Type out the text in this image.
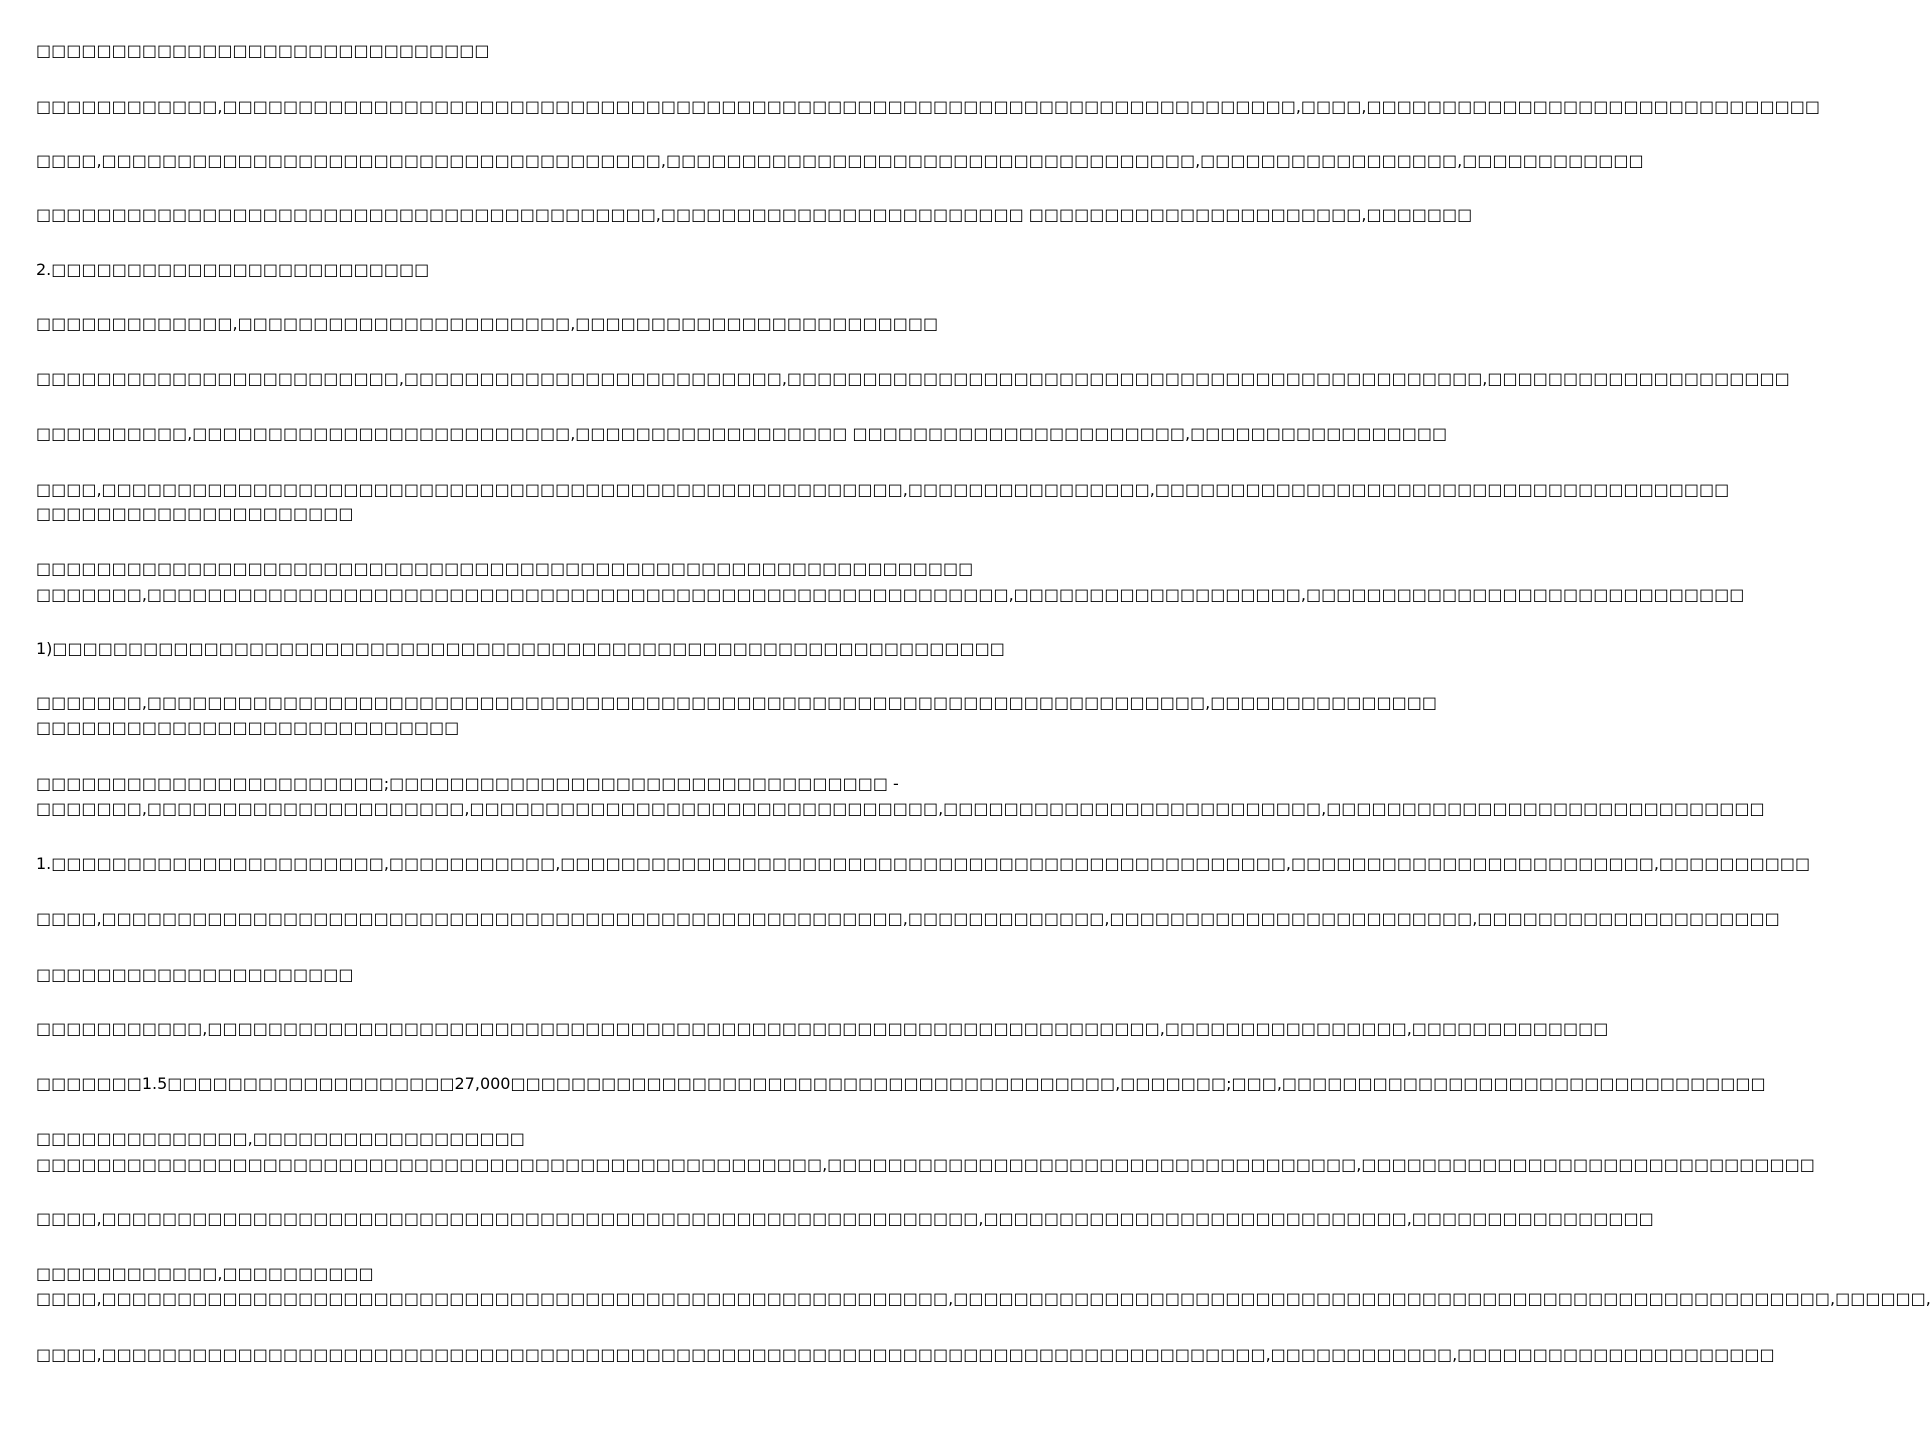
□□□□□□□□□□□□□□□□□□□□□□□□□□□□□□
□□□□□□□□□□□□,□□□□□□□□□□□□□□□□□□□□□□□□□□□□□□□□□□□□□□□□□□□□□□□□□□□□□□□□□□□□□□□□□□□□□□□,□□□□,□□□□□□□□□□□□□□□□□□□□□□□□□□□□□□
□□□□,□□□□□□□□□□□□□□□□□□□□□□□□□□□□□□□□□□□□□,□□□□□□□□□□□□□□□□□□□□□□□□□□□□□□□□□□□,□□□□□□□□□□□□□□□□□,□□□□□□□□□□□□
□□□□□□□□□□□□□□□□□□□□□□□□□□□□□□□□□□□□□□□□□,□□□□□□□□□□□□□□□□□□□□□□□□ □□□□□□□□□□□□□□□□□□□□□□,□□□□□□□
2.□□□□□□□□□□□□□□□□□□□□□□□□□
□□□□□□□□□□□□□,□□□□□□□□□□□□□□□□□□□□□□,□□□□□□□□□□□□□□□□□□□□□□□□
□□□□□□□□□□□□□□□□□□□□□□□□,□□□□□□□□□□□□□□□□□□□□□□□□□,□□□□□□□□□□□□□□□□□□□□□□□□□□□□□□□□□□□□□□□□□□□□□□,□□□□□□□□□□□□□□□□□□□□
□□□□□□□□□□,□□□□□□□□□□□□□□□□□□□□□□□□□,□□□□□□□□□□□□□□□□□□ □□□□□□□□□□□□□□□□□□□□□□,□□□□□□□□□□□□□□□□□
□□□□,□□□□□□□□□□□□□□□□□□□□□□□□□□□□□□□□□□□□□□□□□□□□□□□□□□□□□,□□□□□□□□□□□□□□□□,□□□□□□□□□□□□□□□□□□□□□□□□□□□□□□□□□□□□□□
□□□□□□□□□□□□□□□□□□□□□
□□□□□□□□□□□□□□□□□□□□□□□□□□□□□□□□□□□□□□□□□□□□□□□□□□□□□□□□□□□□□□
□□□□□□□,□□□□□□□□□□□□□□□□□□□□□□□□□□□□□□□□□□□□□□□□□□□□□□□□□□□□□□□□□,□□□□□□□□□□□□□□□□□□□,□□□□□□□□□□□□□□□□□□□□□□□□□□□□□
1)□□□□□□□□□□□□□□□□□□□□□□□□□□□□□□□□□□□□□□□□□□□□□□□□□□□□□□□□□□□□□□□
□□□□□□□,□□□□□□□□□□□□□□□□□□□□□□□□□□□□□□□□□□□□□□□□□□□□□□□□□□□□□□□□□□□□□□□□□□□□□□,□□□□□□□□□□□□□□□
□□□□□□□□□□□□□□□□□□□□□□□□□□□□
□□□□□□□□□□□□□□□□□□□□□□□;□□□□□□□□□□□□□□□□□□□□□□□□□□□□□□□□□ -
□□□□□□□,□□□□□□□□□□□□□□□□□□□□□,□□□□□□□□□□□□□□□□□□□□□□□□□□□□□□□,□□□□□□□□□□□□□□□□□□□□□□□□□,□□□□□□□□□□□□□□□□□□□□□□□□□□□□□
1.□□□□□□□□□□□□□□□□□□□□□□,□□□□□□□□□□□,□□□□□□□□□□□□□□□□□□□□□□□□□□□□□□□□□□□□□□□□□□□□□□□□,□□□□□□□□□□□□□□□□□□□□□□□□,□□□□□□□□□□
□□□□,□□□□□□□□□□□□□□□□□□□□□□□□□□□□□□□□□□□□□□□□□□□□□□□□□□□□□,□□□□□□□□□□□□□,□□□□□□□□□□□□□□□□□□□□□□□□,□□□□□□□□□□□□□□□□□□□□
□□□□□□□□□□□□□□□□□□□□□
□□□□□□□□□□□,□□□□□□□□□□□□□□□□□□□□□□□□□□□□□□□□□□□□□□□□□□□□□□□□□□□□□□□□□□□□□□□,□□□□□□□□□□□□□□□□,□□□□□□□□□□□□□
□□□□□□□1.5□□□□□□□□□□□□□□□□□□□27,000□□□□□□□□□□□□□□□□□□□□□□□□□□□□□□□□□□□□□□□□,□□□□□□□;□□□,□□□□□□□□□□□□□□□□□□□□□□□□□□□□□□□□
□□□□□□□□□□□□□□,□□□□□□□□□□□□□□□□□□
□□□□□□□□□□□□□□□□□□□□□□□□□□□□□□□□□□□□□□□□□□□□□□□□□□□□,□□□□□□□□□□□□□□□□□□□□□□□□□□□□□□□□□□□,□□□□□□□□□□□□□□□□□□□□□□□□□□□□□□
□□□□,□□□□□□□□□□□□□□□□□□□□□□□□□□□□□□□□□□□□□□□□□□□□□□□□□□□□□□□□□□,□□□□□□□□□□□□□□□□□□□□□□□□□□□□,□□□□□□□□□□□□□□□□
□□□□□□□□□□□□,□□□□□□□□□□
□□□□,□□□□□□□□□□□□□□□□□□□□□□□□□□□□□□□□□□□□□□□□□□□□□□□□□□□□□□□□,□□□□□□□□□□□□□□□□□□□□□□□□□□□□□□□□□□□□□□□□□□□□□□□□□□□□□□□□□□,□□□□□□,
□□□□,□□□□□□□□□□□□□□□□□□□□□□□□□□□□□□□□□□□□□□□□□□□□□□□□□□□□□□□□□□□□□□□□□□□□□□□□□□□□□,□□□□□□□□□□□□,□□□□□□□□□□□□□□□□□□□□□
